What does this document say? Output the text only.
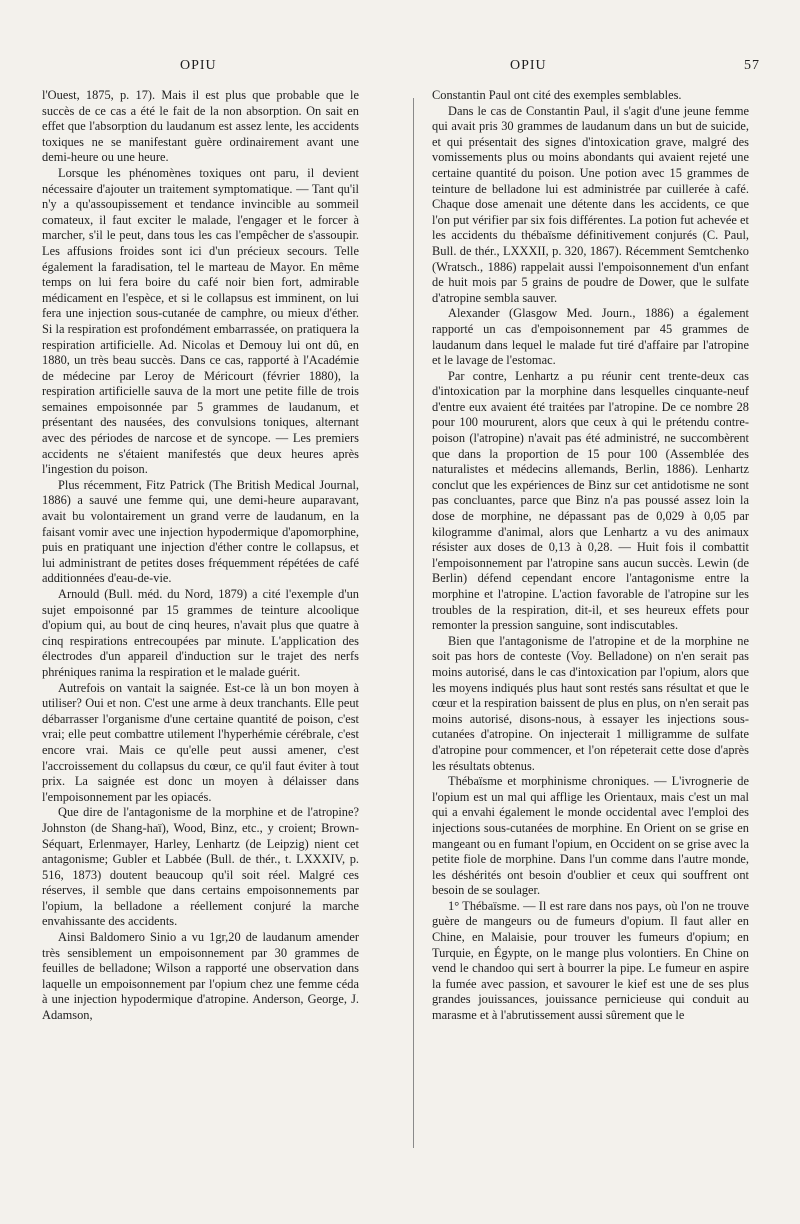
OPIU	OPIU	57

l'Ouest, 1875, p. 17). Mais il est plus que probable que le succès de ce cas a été le fait de la non absorption. On sait en effet que l'absorption du laudanum est assez lente, les accidents toxiques ne se manifestant guère ordinairement avant une demi-heure ou une heure.

Lorsque les phénomènes toxiques ont paru, il devient nécessaire d'ajouter un traitement symptomatique. — Tant qu'il n'y a qu'assoupissement et tendance invincible au sommeil comateux, il faut exciter le malade, l'engager et le forcer à marcher, s'il le peut, dans tous les cas l'empêcher de s'assoupir. Les affusions froides sont ici d'un précieux secours. Telle également la faradisation, tel le marteau de Mayor. En même temps on lui fera boire du café noir bien fort, admirable médicament en l'espèce, et si le collapsus est imminent, on lui fera une injection sous-cutanée de camphre, ou mieux d'éther. Si la respiration est profondément embarrassée, on pratiquera la respiration artificielle. Ad. Nicolas et Demouy lui ont dû, en 1880, un très beau succès. Dans ce cas, rapporté à l'Académie de médecine par Leroy de Méricourt (février 1880), la respiration artificielle sauva de la mort une petite fille de trois semaines empoisonnée par 5 grammes de laudanum, et présentant des nausées, des convulsions toniques, alternant avec des périodes de narcose et de syncope. — Les premiers accidents ne s'étaient manifestés que deux heures après l'ingestion du poison.

Plus récemment, Fitz Patrick (The British Medical Journal, 1886) a sauvé une femme qui, une demi-heure auparavant, avait bu volontairement un grand verre de laudanum, en la faisant vomir avec une injection hypodermique d'apomorphine, puis en pratiquant une injection d'éther contre le collapsus, et lui administrant de petites doses fréquemment répétées de café additionnées d'eau-de-vie.

Arnould (Bull. méd. du Nord, 1879) a cité l'exemple d'un sujet empoisonné par 15 grammes de teinture alcoolique d'opium qui, au bout de cinq heures, n'avait plus que quatre à cinq respirations entrecoupées par minute. L'application des électrodes d'un appareil d'induction sur le trajet des nerfs phréniques ranima la respiration et le malade guérit.

Autrefois on vantait la saignée. Est-ce là un bon moyen à utiliser? Oui et non. C'est une arme à deux tranchants. Elle peut débarrasser l'organisme d'une certaine quantité de poison, c'est vrai; elle peut combattre utilement l'hyperhémie cérébrale, c'est encore vrai. Mais ce qu'elle peut aussi amener, c'est l'accroissement du collapsus du cœur, ce qu'il faut éviter à tout prix. La saignée est donc un moyen à délaisser dans l'empoisonnement par les opiacés.

Que dire de l'antagonisme de la morphine et de l'atropine? Johnston (de Shang-haï), Wood, Binz, etc., y croient; Brown-Séquart, Erlenmayer, Harley, Lenhartz (de Leipzig) nient cet antagonisme; Gubler et Labbée (Bull. de thér., t. LXXXIV, p. 516, 1873) doutent beaucoup qu'il soit réel. Malgré ces réserves, il semble que dans certains empoisonnements par l'opium, la belladone a réellement conjuré la marche envahissante des accidents.

Ainsi Baldomero Sinio a vu 1gr,20 de laudanum amender très sensiblement un empoisonnement par 30 grammes de feuilles de belladone; Wilson a rapporté une observation dans laquelle un empoisonnement par l'opium chez une femme céda à une injection hypodermique d'atropine. Anderson, George, J. Adamson,

Constantin Paul ont cité des exemples semblables.

Dans le cas de Constantin Paul, il s'agit d'une jeune femme qui avait pris 30 grammes de laudanum dans un but de suicide, et qui présentait des signes d'intoxication grave, malgré des vomissements plus ou moins abondants qui avaient rejeté une certaine quantité du poison. Une potion avec 15 grammes de teinture de belladone lui est administrée par cuillerée à café. Chaque dose amenait une détente dans les accidents, ce que l'on put vérifier par six fois différentes. La potion fut achevée et les accidents du thébaïsme définitivement conjurés (C. Paul, Bull. de thér., LXXXII, p. 320, 1867). Récemment Semtchenko (Wratsch., 1886) rappelait aussi l'empoisonnement d'un enfant de huit mois par 5 grains de poudre de Dower, que le sulfate d'atropine sembla sauver.

Alexander (Glasgow Med. Journ., 1886) a également rapporté un cas d'empoisonnement par 45 grammes de laudanum dans lequel le malade fut tiré d'affaire par l'atropine et le lavage de l'estomac.

Par contre, Lenhartz a pu réunir cent trente-deux cas d'intoxication par la morphine dans lesquelles cinquante-neuf d'entre eux avaient été traitées par l'atropine. De ce nombre 28 pour 100 moururent, alors que ceux à qui le prétendu contre-poison (l'atropine) n'avait pas été administré, ne succombèrent que dans la proportion de 15 pour 100 (Assemblée des naturalistes et médecins allemands, Berlin, 1886). Lenhartz conclut que les expériences de Binz sur cet antidotisme ne sont pas concluantes, parce que Binz n'a pas poussé assez loin la dose de morphine, ne dépassant pas de 0,029 à 0,05 par kilogramme d'animal, alors que Lenhartz a vu des animaux résister aux doses de 0,13 à 0,28. — Huit fois il combattit l'empoisonnement par l'atropine sans aucun succès. Lewin (de Berlin) défend cependant encore l'antagonisme entre la morphine et l'atropine. L'action favorable de l'atropine sur les troubles de la respiration, dit-il, et ses heureux effets pour remonter la pression sanguine, sont indiscutables.

Bien que l'antagonisme de l'atropine et de la morphine ne soit pas hors de conteste (Voy. Belladone) on n'en serait pas moins autorisé, dans le cas d'intoxication par l'opium, alors que les moyens indiqués plus haut sont restés sans résultat et que le cœur et la respiration baissent de plus en plus, on n'en serait pas moins autorisé, disons-nous, à essayer les injections sous-cutanées d'atropine. On injecterait 1 milligramme de sulfate d'atropine pour commencer, et l'on répeterait cette dose d'après les résultats obtenus.

Thébaïsme et morphinisme chroniques. — L'ivrognerie de l'opium est un mal qui afflige les Orientaux, mais c'est un mal qui a envahi également le monde occidental avec l'emploi des injections sous-cutanées de morphine. En Orient on se grise en mangeant ou en fumant l'opium, en Occident on se grise avec la petite fiole de morphine. Dans l'un comme dans l'autre monde, les déshérités ont besoin d'oublier et ceux qui souffrent ont besoin de se soulager.

1° Thébaïsme. — Il est rare dans nos pays, où l'on ne trouve guère de mangeurs ou de fumeurs d'opium. Il faut aller en Chine, en Malaisie, pour trouver les fumeurs d'opium; en Turquie, en Égypte, on le mange plus volontiers. En Chine on vend le chandoo qui sert à bourrer la pipe. Le fumeur en aspire la fumée avec passion, et savourer le kief est une de ses plus grandes jouissances, jouissance pernicieuse qui conduit au marasme et à l'abrutissement aussi sûrement que le
